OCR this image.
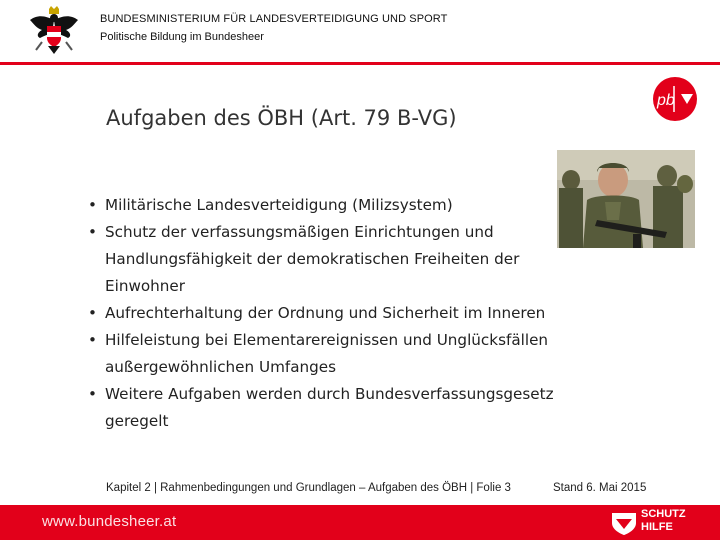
BUNDESMINISTERIUM FÜR LANDESVERTEIDIGUNG UND SPORT
Politische Bildung im Bundesheer
pb
Aufgaben des ÖBH (Art. 79 B-VG)
• Militärische Landesverteidigung (Milizsystem)
• Schutz der verfassungsmäßigen Einrichtungen und Handlungsfähigkeit der demokratischen Freiheiten der Einwohner
• Aufrechterhaltung der Ordnung und Sicherheit im Inneren
• Hilfeleistung bei Elementarereignissen und Unglücksfällen außergewöhnlichen Umfanges
• Weitere Aufgaben werden durch Bundesverfassungsgesetz geregelt
Kapitel 2 | Rahmenbedingungen und Grundlagen – Aufgaben des ÖBH | Folie 3	Stand 6. Mai 2015
www.bundesheer.at	SCHUTZ
HILFE
